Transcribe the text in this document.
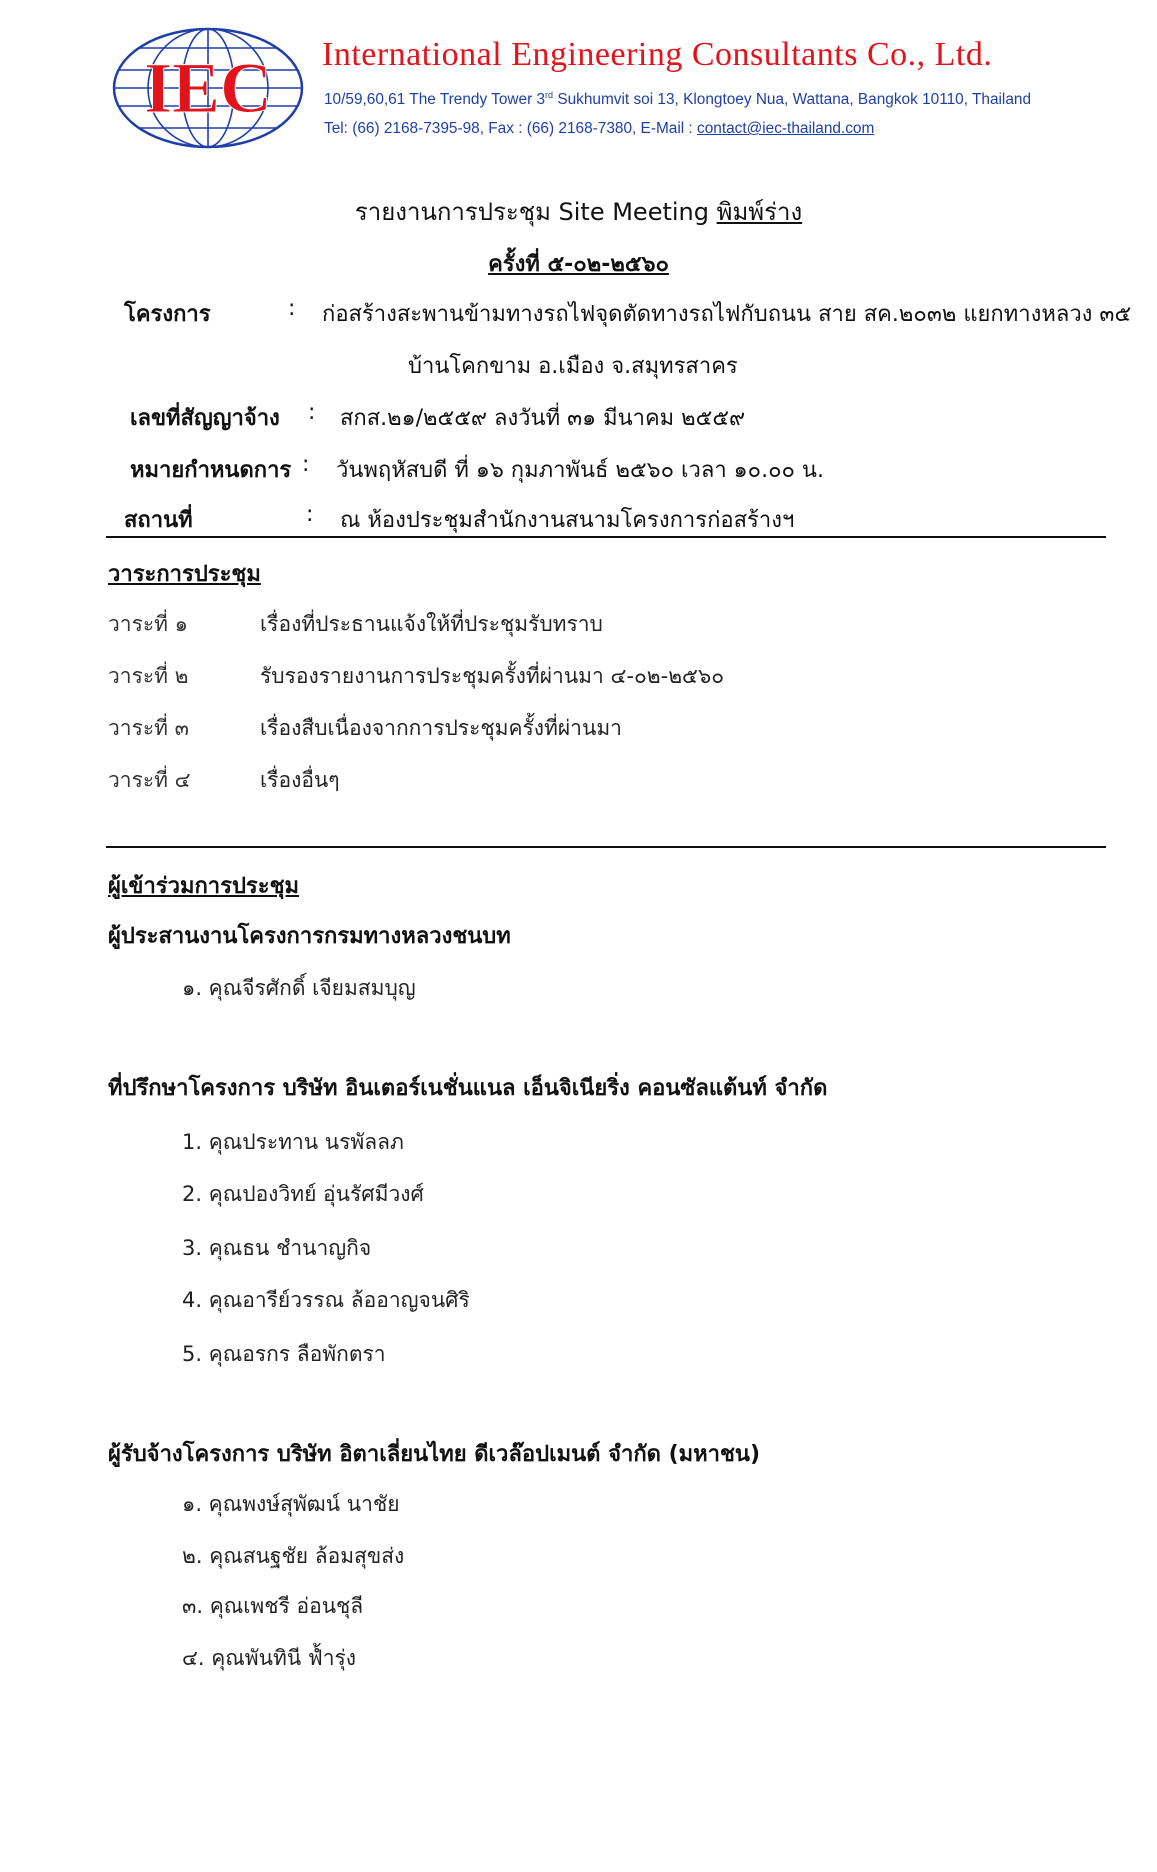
IEC International Engineering Consultants Co., Ltd.
10/59,60,61 The Trendy Tower 3rd Sukhumvit soi 13, Klongtoey Nua, Wattana, Bangkok 10110, Thailand
Tel: (66) 2168-7395-98, Fax : (66) 2168-7380, E-Mail : contact@iec-thailand.com
รายงานการประชุม Site Meeting พิมพ์ร่าง
ครั้งที่ ๕-๐๒-๒๕๖๐
โครงการ	: ก่อสร้างสะพานข้ามทางรถไฟจุดตัดทางรถไฟกับถนน สาย สค.๒๐๓๒ แยกทางหลวง ๓๕
บ้านโคกขาม อ.เมือง จ.สมุทรสาคร
เลขที่สัญญาจ้าง : สกส.๒๑/๒๕๕๙ ลงวันที่ ๓๑ มีนาคม ๒๕๕๙
หมายกำหนดการ : วันพฤหัสบดี ที่ ๑๖ กุมภาพันธ์ ๒๕๖๐ เวลา ๑๐.๐๐ น.
สถานที่	: ณ ห้องประชุมสำนักงานสนามโครงการก่อสร้างฯ
วาระการประชุม
วาระที่ ๑	เรื่องที่ประธานแจ้งให้ที่ประชุมรับทราบ
วาระที่ ๒	รับรองรายงานการประชุมครั้งที่ผ่านมา ๔-๐๒-๒๕๖๐
วาระที่ ๓	เรื่องสืบเนื่องจากการประชุมครั้งที่ผ่านมา
วาระที่ ๔	เรื่องอื่นๆ
ผู้เข้าร่วมการประชุม
ผู้ประสานงานโครงการกรมทางหลวงชนบท
๑. คุณจีรศักดิ์ เจียมสมบุญ
ที่ปรึกษาโครงการ บริษัท อินเตอร์เนชั่นแนล เอ็นจิเนียริ่ง คอนซัลแต้นท์ จำกัด
1. คุณประทาน นรพัลลภ
2. คุณปองวิทย์ อุ่นรัศมีวงศ์
3. คุณธน ชำนาญกิจ
4. คุณอารีย์วรรณ ล้ออาญจนศิริ
5. คุณอรกร ลือพักตรา
ผู้รับจ้างโครงการ บริษัท อิตาเลี่ยนไทย ดีเวล๊อปเมนต์ จำกัด (มหาชน)
๑. คุณพงษ์สุพัฒน์ นาชัย
๒. คุณสนฐชัย ล้อมสุขส่ง
๓. คุณเพชรี อ่อนชุลี
๔. คุณพันทินี ฟ้ำรุ่ง
